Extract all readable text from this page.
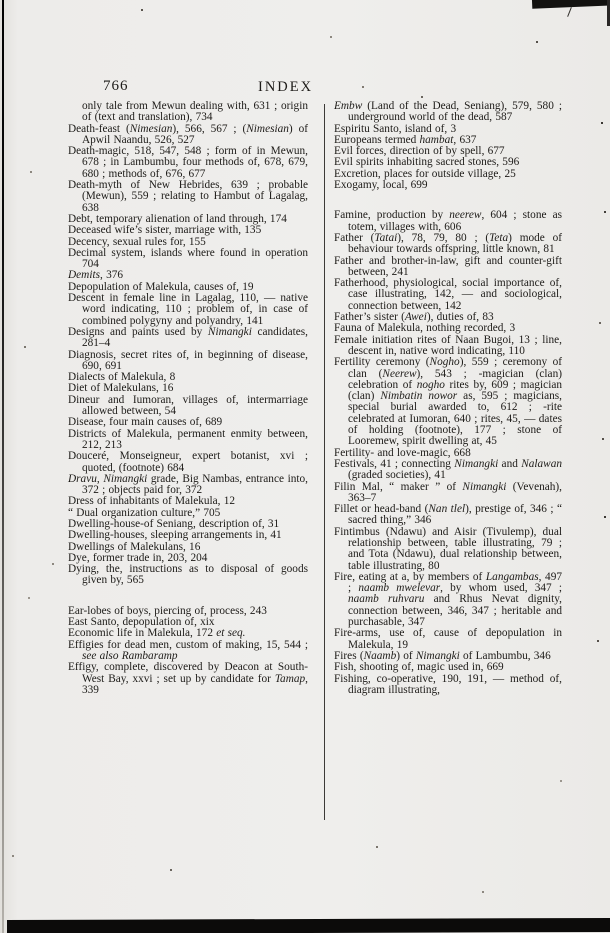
766	INDEX

only tale from Mewun dealing with, 631 ; origin of (text and translation), 734

Death-feast (Nimesian), 566, 567 ; (Nimesian) of Apwil Naandu, 526, 527

Death-magic, 518, 547, 548 ; form of in Mewun, 678 ; in Lambumbu, four methods of, 678, 679, 680 ; methods of, 676, 677

Death-myth of New Hebrides, 639 ; probable (Mewun), 559 ; relating to Hambut of Lagalag, 638

Debt, temporary alienation of land through, 174

Deceased wife’s sister, marriage with, 135

Decency, sexual rules for, 155

Decimal system, islands where found in operation 704

Demits, 376

Depopulation of Malekula, causes of, 19

Descent in female line in Lagalag, 110, — native word indicating, 110 ; problem of, in case of combined polygyny and polyandry, 141

Designs and paints used by Nimangki candidates, 281–4

Diagnosis, secret rites of, in beginning of disease, 690, 691

Dialects of Malekula, 8

Diet of Malekulans, 16

Dineur and Iumoran, villages of, intermarriage allowed between, 54

Disease, four main causes of, 689

Districts of Malekula, permanent enmity between, 212, 213

Douceré, Monseigneur, expert botanist, xvi ; quoted, (footnote) 684

Dravu, Nimangki grade, Big Nambas, entrance into, 372 ; objects paid for, 372

Dress of inhabitants of Malekula, 12

“ Dual organization culture,” 705

Dwelling-house-of Seniang, description of, 31

Dwelling-houses, sleeping arrangements in, 41

Dwellings of Malekulans, 16

Dye, former trade in, 203, 204

Dying, the, instructions as to disposal of goods given by, 565

Ear-lobes of boys, piercing of, process, 243

East Santo, depopulation of, xix

Economic life in Malekula, 172 et seq.

Effigies for dead men, custom of making, 15, 544 ; see also Rambaramp

Effigy, complete, discovered by Deacon at South-West Bay, xxvi ; set up by candidate for Tamap, 339

Embw (Land of the Dead, Seniang), 579, 580 ; underground world of the dead, 587

Espiritu Santo, island of, 3

Europeans termed hambat, 637

Evil forces, direction of by spell, 677

Evil spirits inhabiting sacred stones, 596

Excretion, places for outside village, 25

Exogamy, local, 699

Famine, production by neerew, 604 ; stone as totem, villages with, 606

Father (Tatai), 78, 79, 80 ; (Teta) mode of behaviour towards offspring, little known, 81

Father and brother-in-law, gift and counter-gift between, 241

Fatherhood, physiological, social importance of, case illustrating, 142, — and sociological, connection between, 142

Father’s sister (Awei), duties of, 83

Fauna of Malekula, nothing recorded, 3

Female initiation rites of Naan Bugoi, 13 ; line, descent in, native word indicating, 110

Fertility ceremony (Nogho), 559 ; ceremony of clan (Neerew), 543 ; -magician (clan) celebration of nogho rites by, 609 ; magician (clan) Nimbatin nowor as, 595 ; magicians, special burial awarded to, 612 ; -rite celebrated at Iumoran, 640 ; rites, 45, — dates of holding (footnote), 177 ; stone of Looremew, spirit dwelling at, 45

Fertility- and love-magic, 668

Festivals, 41 ; connecting Nimangki and Nalawan (graded societies), 41

Filin Mal, “ maker ” of Nimangki (Vevenah), 363–7

Fillet or head-band (Nan tlel), prestige of, 346 ; “ sacred thing,” 346

Fintimbus (Ndawu) and Aisir (Tivulemp), dual relationship between, table illustrating, 79 ; and Tota (Ndawu), dual relationship between, table illustrating, 80

Fire, eating at a, by members of Langambas, 497 ; naamb mwelevar, by whom used, 347 ; naamb ruhvaru and Rhus Nevat dignity, connection between, 346, 347 ; heritable and purchasable, 347

Fire-arms, use of, cause of depopulation in Malekula, 19

Fires (Naamb) of Nimangki of Lambumbu, 346

Fish, shooting of, magic used in, 669

Fishing, co-operative, 190, 191, — method of, diagram illustrating,
